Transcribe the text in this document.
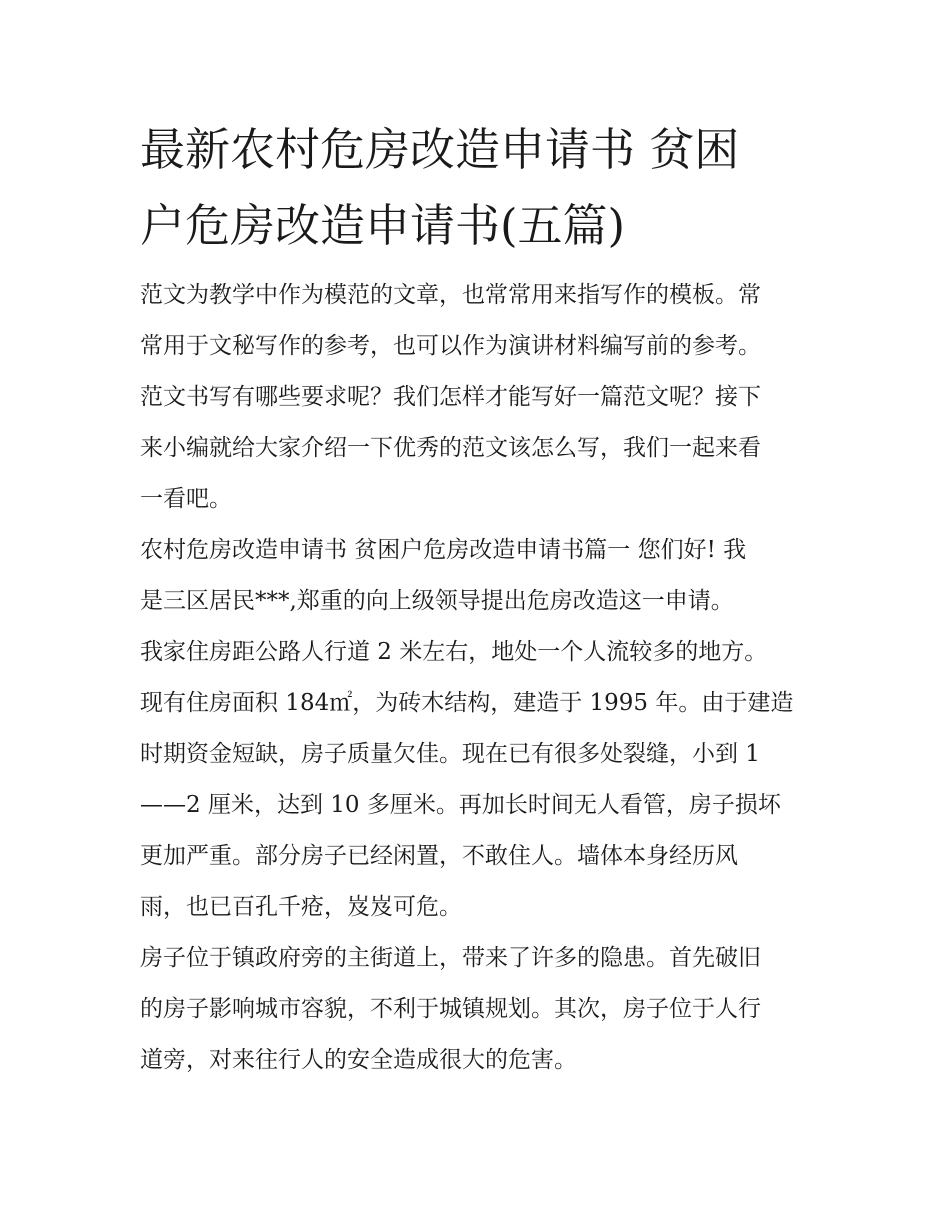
最新农村危房改造申请书 贫困
户危房改造申请书(五篇)

范文为教学中作为模范的文章，也常常用来指写作的模板。常

常用于文秘写作的参考，也可以作为演讲材料编写前的参考。

范文书写有哪些要求呢？我们怎样才能写好一篇范文呢？接下

来小编就给大家介绍一下优秀的范文该怎么写，我们一起来看

一看吧。

农村危房改造申请书 贫困户危房改造申请书篇一 您们好! 我

是三区居民***,郑重的向上级领导提出危房改造这一申请。

我家住房距公路人行道 2 米左右，地处一个人流较多的地方。

现有住房面积 184㎡，为砖木结构，建造于 1995 年。由于建造

时期资金短缺，房子质量欠佳。现在已有很多处裂缝，小到 1

——2 厘米，达到 10 多厘米。再加长时间无人看管，房子损坏

更加严重。部分房子已经闲置，不敢住人。墙体本身经历风

雨，也已百孔千疮，岌岌可危。

房子位于镇政府旁的主街道上，带来了许多的隐患。首先破旧

的房子影响城市容貌，不利于城镇规划。其次，房子位于人行

道旁，对来往行人的安全造成很大的危害。
